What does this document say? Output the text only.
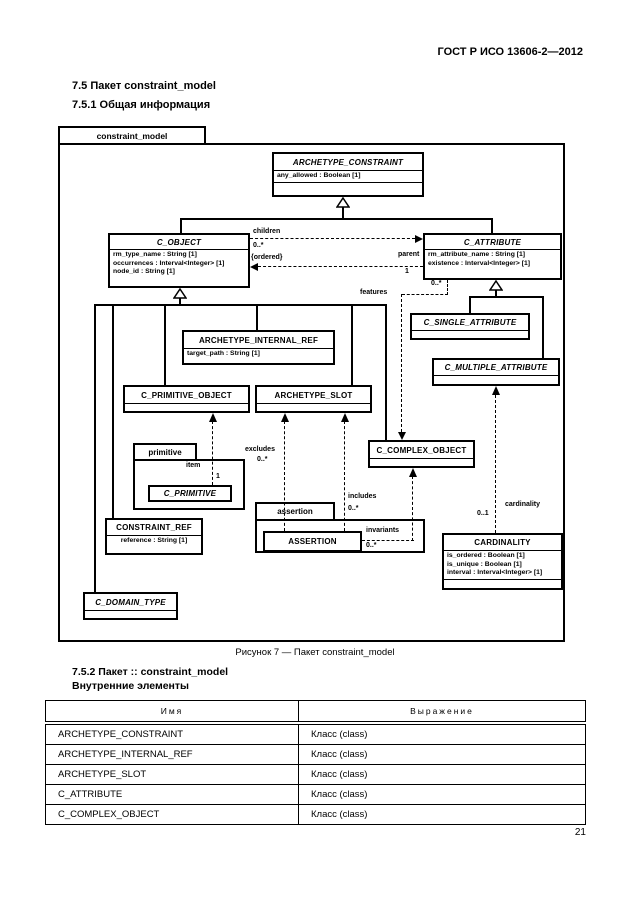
ГОСТ Р ИСО 13606-2—2012
7.5 Пакет constraint_model
7.5.1 Общая информация
constraint_model
primitive
assertion
ARCHETYPE_CONSTRAINT
any_allowed : Boolean [1]
C_OBJECT
rm_type_name : String [1]
occurrences : Interval<Integer> [1]
node_id : String [1]
C_ATTRIBUTE
rm_attribute_name : String [1]
existence : Interval<Integer> [1]
C_SINGLE_ATTRIBUTE
C_MULTIPLE_ATTRIBUTE
ARCHETYPE_INTERNAL_REF
target_path : String [1]
C_PRIMITIVE_OBJECT	ARCHETYPE_SLOT
C_COMPLEX_OBJECT
C_PRIMITIVE
ASSERTION
CONSTRAINT_REF
reference : String [1]	CARDINALITY
is_ordered : Boolean [1]
is_unique : Boolean [1]
interval : Interval<Integer> [1]
C_DOMAIN_TYPE
children
0..*
{ordered}	parent
1
0..*
features
item
1
excludes
0..*
includes
0..*
invariants
0..*
cardinality
0..1
Рисунок 7 — Пакет constraint_model
7.5.2 Пакет :: constraint_model
Внутренние элементы
Имя	Выражение
ARCHETYPE_CONSTRAINT	Класс (class)
ARCHETYPE_INTERNAL_REF	Класс (class)
ARCHETYPE_SLOT	Класс (class)
C_ATTRIBUTE	Класс (class)
C_COMPLEX_OBJECT	Класс (class)
21
